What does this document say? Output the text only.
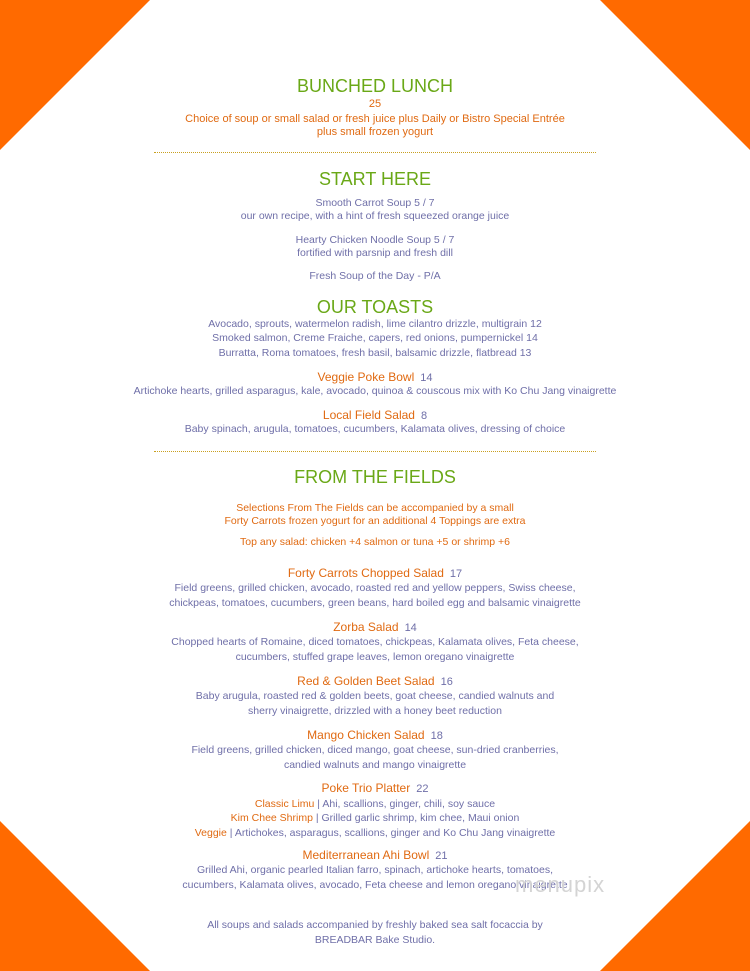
BUNCHED LUNCH
25
Choice of soup or small salad or fresh juice plus Daily or Bistro Special Entrée
plus small frozen yogurt
START HERE
Smooth Carrot Soup 5 / 7
our own recipe, with a hint of fresh squeezed orange juice
Hearty Chicken Noodle Soup 5 / 7
fortified with parsnip and fresh dill
Fresh Soup of the Day - P/A
OUR TOASTS
Avocado, sprouts, watermelon radish, lime cilantro drizzle, multigrain 12
Smoked salmon, Creme Fraiche, capers, red onions, pumpernickel 14
Burratta, Roma tomatoes, fresh basil, balsamic drizzle, flatbread 13
Veggie Poke Bowl 14
Artichoke hearts, grilled asparagus, kale, avocado, quinoa & couscous mix with Ko Chu Jang vinaigrette
Local Field Salad 8
Baby spinach, arugula, tomatoes, cucumbers, Kalamata olives, dressing of choice
FROM THE FIELDS
Selections From The Fields can be accompanied by a small
Forty Carrots frozen yogurt for an additional 4 Toppings are extra
Top any salad: chicken +4 salmon or tuna +5 or shrimp +6
Forty Carrots Chopped Salad 17
Field greens, grilled chicken, avocado, roasted red and yellow peppers, Swiss cheese,
chickpeas, tomatoes, cucumbers, green beans, hard boiled egg and balsamic vinaigrette
Zorba Salad 14
Chopped hearts of Romaine, diced tomatoes, chickpeas, Kalamata olives, Feta cheese,
cucumbers, stuffed grape leaves, lemon oregano vinaigrette
Red & Golden Beet Salad 16
Baby arugula, roasted red & golden beets, goat cheese, candied walnuts and
sherry vinaigrette, drizzled with a honey beet reduction
Mango Chicken Salad 18
Field greens, grilled chicken, diced mango, goat cheese, sun-dried cranberries,
candied walnuts and mango vinaigrette
Poke Trio Platter 22
Classic Limu | Ahi, scallions, ginger, chili, soy sauce
Kim Chee Shrimp | Grilled garlic shrimp, kim chee, Maui onion
Veggie | Artichokes, asparagus, scallions, ginger and Ko Chu Jang vinaigrette
Mediterranean Ahi Bowl 21
Grilled Ahi, organic pearled Italian farro, spinach, artichoke hearts, tomatoes,
cucumbers, Kalamata olives, avocado, Feta cheese and lemon oregano vinaigrette
All soups and salads accompanied by freshly baked sea salt focaccia by
BREADBAR Bake Studio.
menupix
